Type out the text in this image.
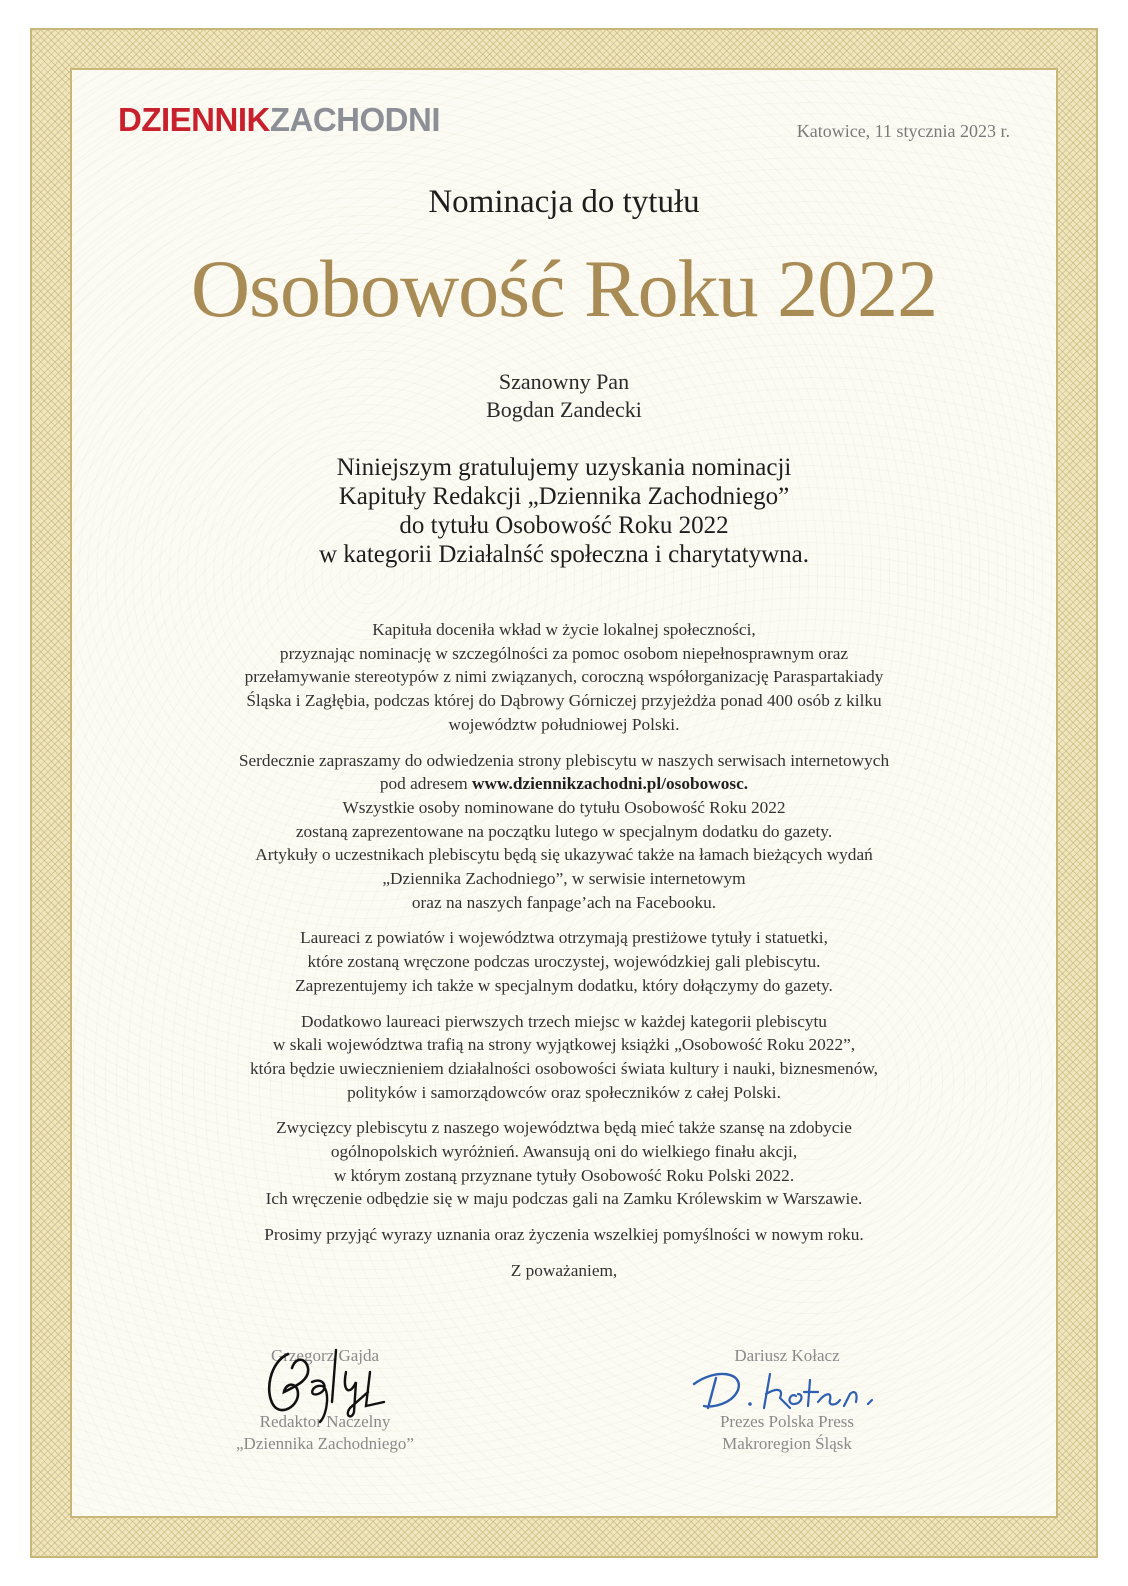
DZIENNIKZACHODNI	Katowice, 11 stycznia 2023 r.
Nominacja do tytułu
Osobowość Roku 2022
Szanowny Pan
Bogdan Zandecki
Niniejszym gratulujemy uzyskania nominacji
Kapituły Redakcji „Dziennika Zachodniego”
do tytułu Osobowość Roku 2022
w kategorii Działalnść społeczna i charytatywna.

Kapituła doceniła wkład w życie lokalnej społeczności,
przyznając nominację w szczególności za pomoc osobom niepełnosprawnym oraz
przełamywanie stereotypów z nimi związanych, coroczną współorganizację Paraspartakiady
Śląska i Zagłębia, podczas której do Dąbrowy Górniczej przyjeżdża ponad 400 osób z kilku
województw południowej Polski.

Serdecznie zapraszamy do odwiedzenia strony plebiscytu w naszych serwisach internetowych
pod adresem www.dziennikzachodni.pl/osobowosc.
Wszystkie osoby nominowane do tytułu Osobowość Roku 2022
zostaną zaprezentowane na początku lutego w specjalnym dodatku do gazety.
Artykuły o uczestnikach plebiscytu będą się ukazywać także na łamach bieżących wydań
„Dziennika Zachodniego”, w serwisie internetowym
oraz na naszych fanpage’ach na Facebooku.

Laureaci z powiatów i województwa otrzymają prestiżowe tytuły i statuetki,
które zostaną wręczone podczas uroczystej, wojewódzkiej gali plebiscytu.
Zaprezentujemy ich także w specjalnym dodatku, który dołączymy do gazety.

Dodatkowo laureaci pierwszych trzech miejsc w każdej kategorii plebiscytu
w skali województwa trafią na strony wyjątkowej książki „Osobowość Roku 2022”,
która będzie uwiecznieniem działalności osobowości świata kultury i nauki, biznesmenów,
polityków i samorządowców oraz społeczników z całej Polski.

Zwycięzcy plebiscytu z naszego województwa będą mieć także szansę na zdobycie
ogólnopolskich wyróżnień. Awansują oni do wielkiego finału akcji,
w którym zostaną przyznane tytuły Osobowość Roku Polski 2022.
Ich wręczenie odbędzie się w maju podczas gali na Zamku Królewskim w Warszawie.

Prosimy przyjąć wyrazy uznania oraz życzenia wszelkiej pomyślności w nowym roku.

Z poważaniem,

Grzegorz Gajda
Redaktor Naczelny
„Dziennika Zachodniego”
Dariusz Kołacz
Prezes Polska Press
Makroregion Śląsk
